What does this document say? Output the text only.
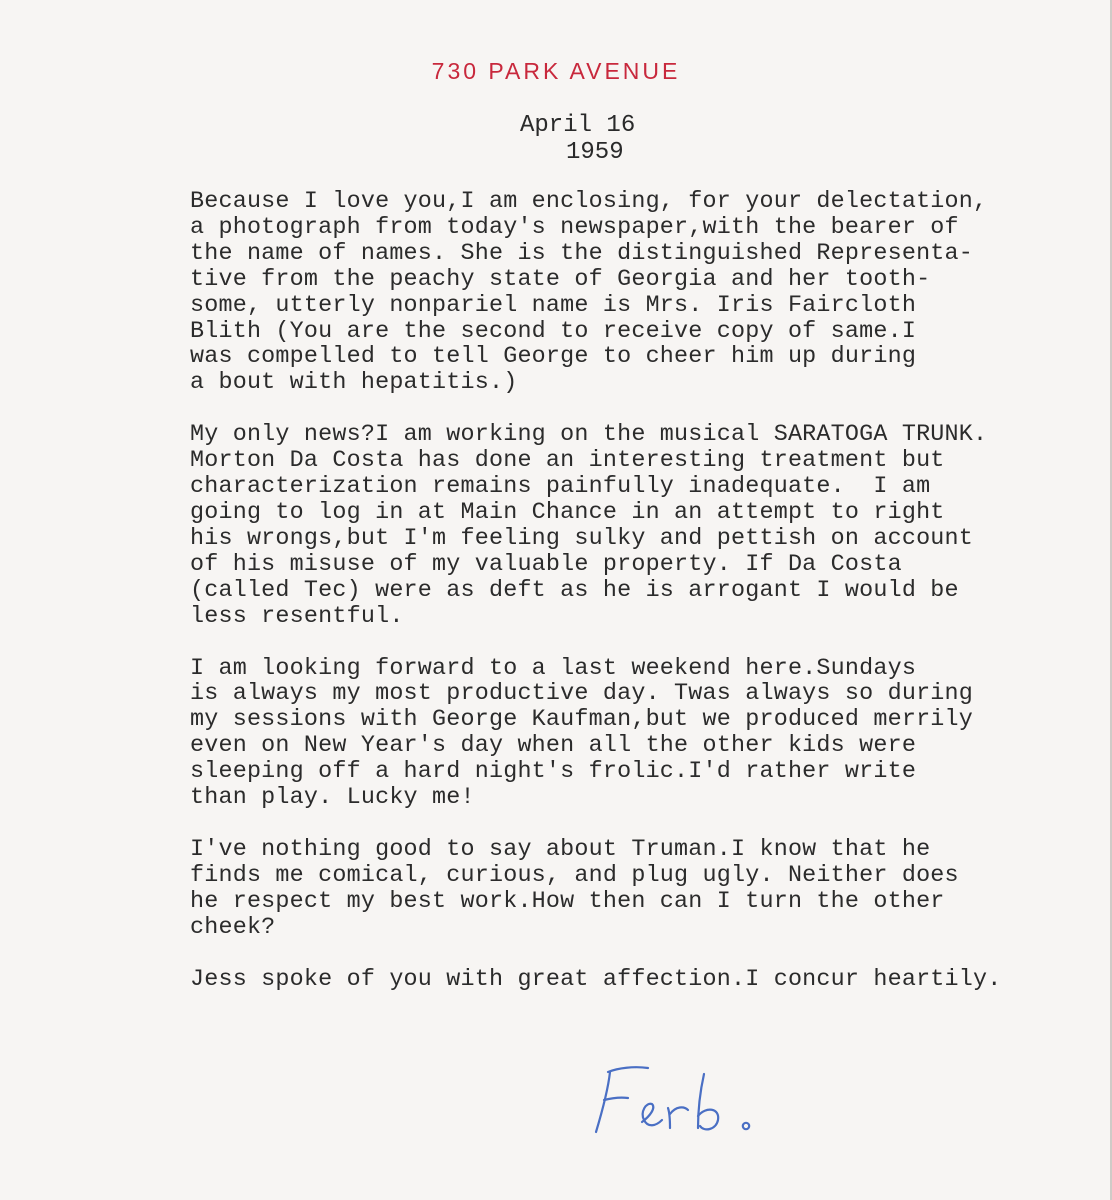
730 PARK AVENUE
April 16
1959
Because I love you,I am enclosing, for your delectation,
a photograph from today's newspaper,with the bearer of
the name of names. She is the distinguished Representa-
tive from the peachy state of Georgia and her tooth-
some, utterly nonpariel name is Mrs. Iris Faircloth
Blith (You are the second to receive copy of same.I
was compelled to tell George to cheer him up during
a bout with hepatitis.)
My only news?I am working on the musical SARATOGA TRUNK.
Morton Da Costa has done an interesting treatment but
characterization remains painfully inadequate.  I am
going to log in at Main Chance in an attempt to right
his wrongs,but I'm feeling sulky and pettish on account
of his misuse of my valuable property. If Da Costa
(called Tec) were as deft as he is arrogant I would be
less resentful.
I am looking forward to a last weekend here.Sundays
is always my most productive day. Twas always so during
my sessions with George Kaufman,but we produced merrily
even on New Year's day when all the other kids were
sleeping off a hard night's frolic.I'd rather write
than play. Lucky me!
I've nothing good to say about Truman.I know that he
finds me comical, curious, and plug ugly. Neither does
he respect my best work.How then can I turn the other
cheek?
Jess spoke of you with great affection.I concur heartily.
